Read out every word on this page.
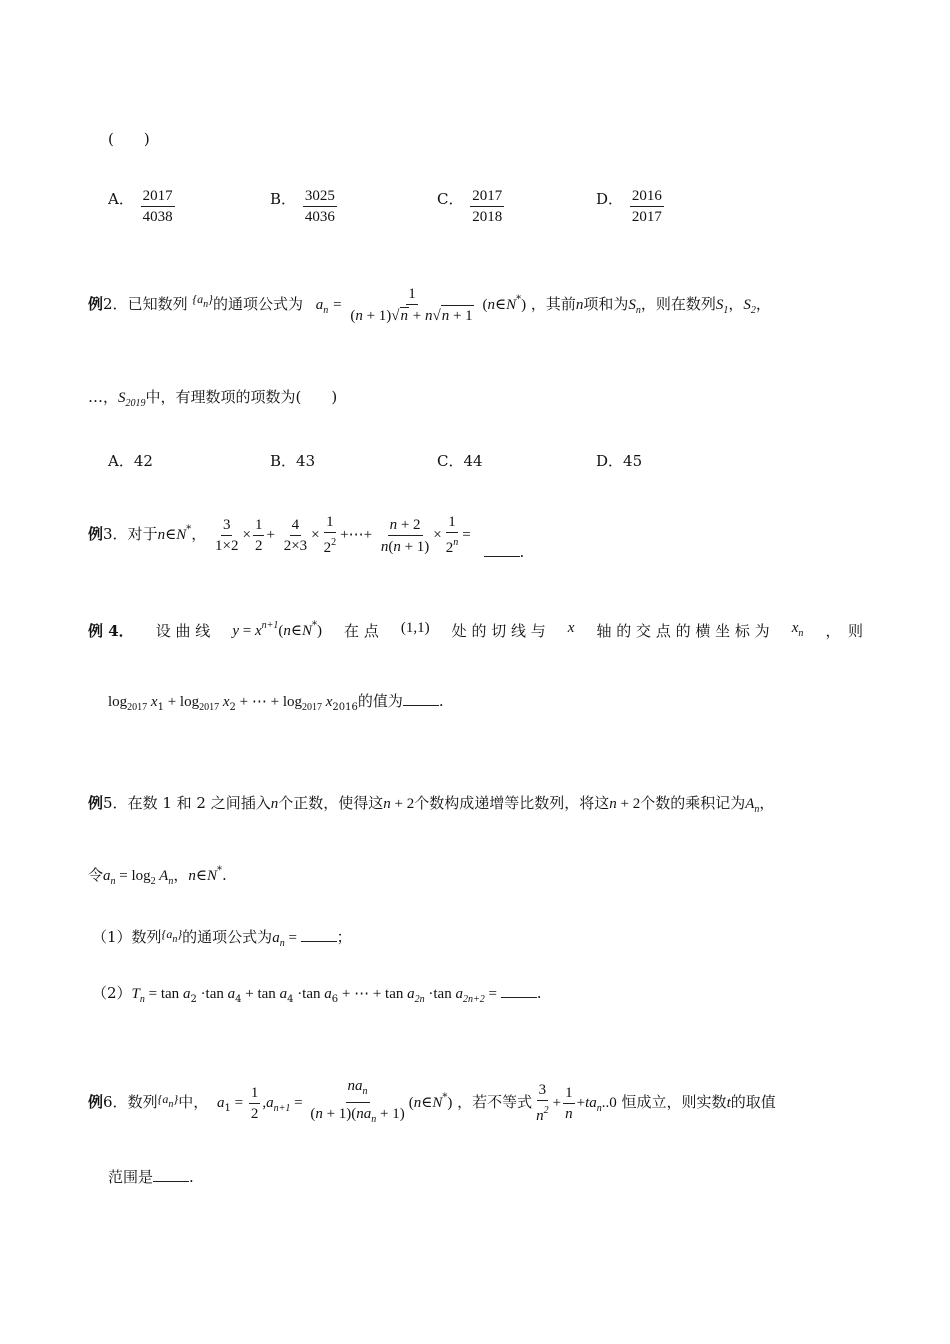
(　　)
A． $\frac{2017}{4038}$	B． $\frac{3025}{4036}$	C． $\frac{2017}{2018}$	D． $\frac{2016}{2017}$
例2．已知数列 $^{\{a_n\}}$的通项公式为 $a_n = \frac{1}{(n + 1)√n + n√n + 1}$ (n∈N*) ，其前n项和为$S_n$，则在数列$S_1$，$S_2$，
…，$S_{2019}$中，有理数项的项数为(　　)
A．42	B．43	C．44	D．45
例3．对于n∈N*， $\frac{3}{1\times 2} \times \frac{1}{2} + \frac{4}{2\times 3} \times \frac{1}{2^2}$ +⋯+ $\frac{n + 2}{n(n + 1)} \times \frac{1}{2^n}$ = .
例 4． 设 曲 线 $y = x^{n+1}(n\in N^*)$ 在 点 (1,1) 处 的 切 线 与 x 轴 的 交 点 的 横 坐 标 为 $x_n$ ，　则
$\log_{2017} x_1 + \log_{2017} x_2$ + ⋯ + $\log_{2017} x_{2016}$的值为 .
例5．在数 1 和 2 之间插入n个正数，使得这n + 2个数构成递增等比数列，将这n + 2个数的乘积记为$A_n$，
令$a_n = \log_2 A_n$，n∈N*.
（1）数列$^{\{a_n\}}$的通项公式为$a_n$ = ；
$(2)T_n = \tan a_2 \cdot\tan$ $a_4 + \tan a_4 \cdot\tan$ $a_6$ + ⋯ + $\tan a_{2n} \cdot\tan$ $a_{2n+2}$ = .
例6．数列$^{\{a_n\}}$中， $a_1 = \frac{1}{2} ,a_{n+1} = \frac{na_n}{(n + 1)(na_n + 1)}$ (n∈N*) ，若不等式 $\frac{3}{n^2} + \frac{1}{n} +ta_n..0$ 恒成立，则实数t的取值
范围是 .
